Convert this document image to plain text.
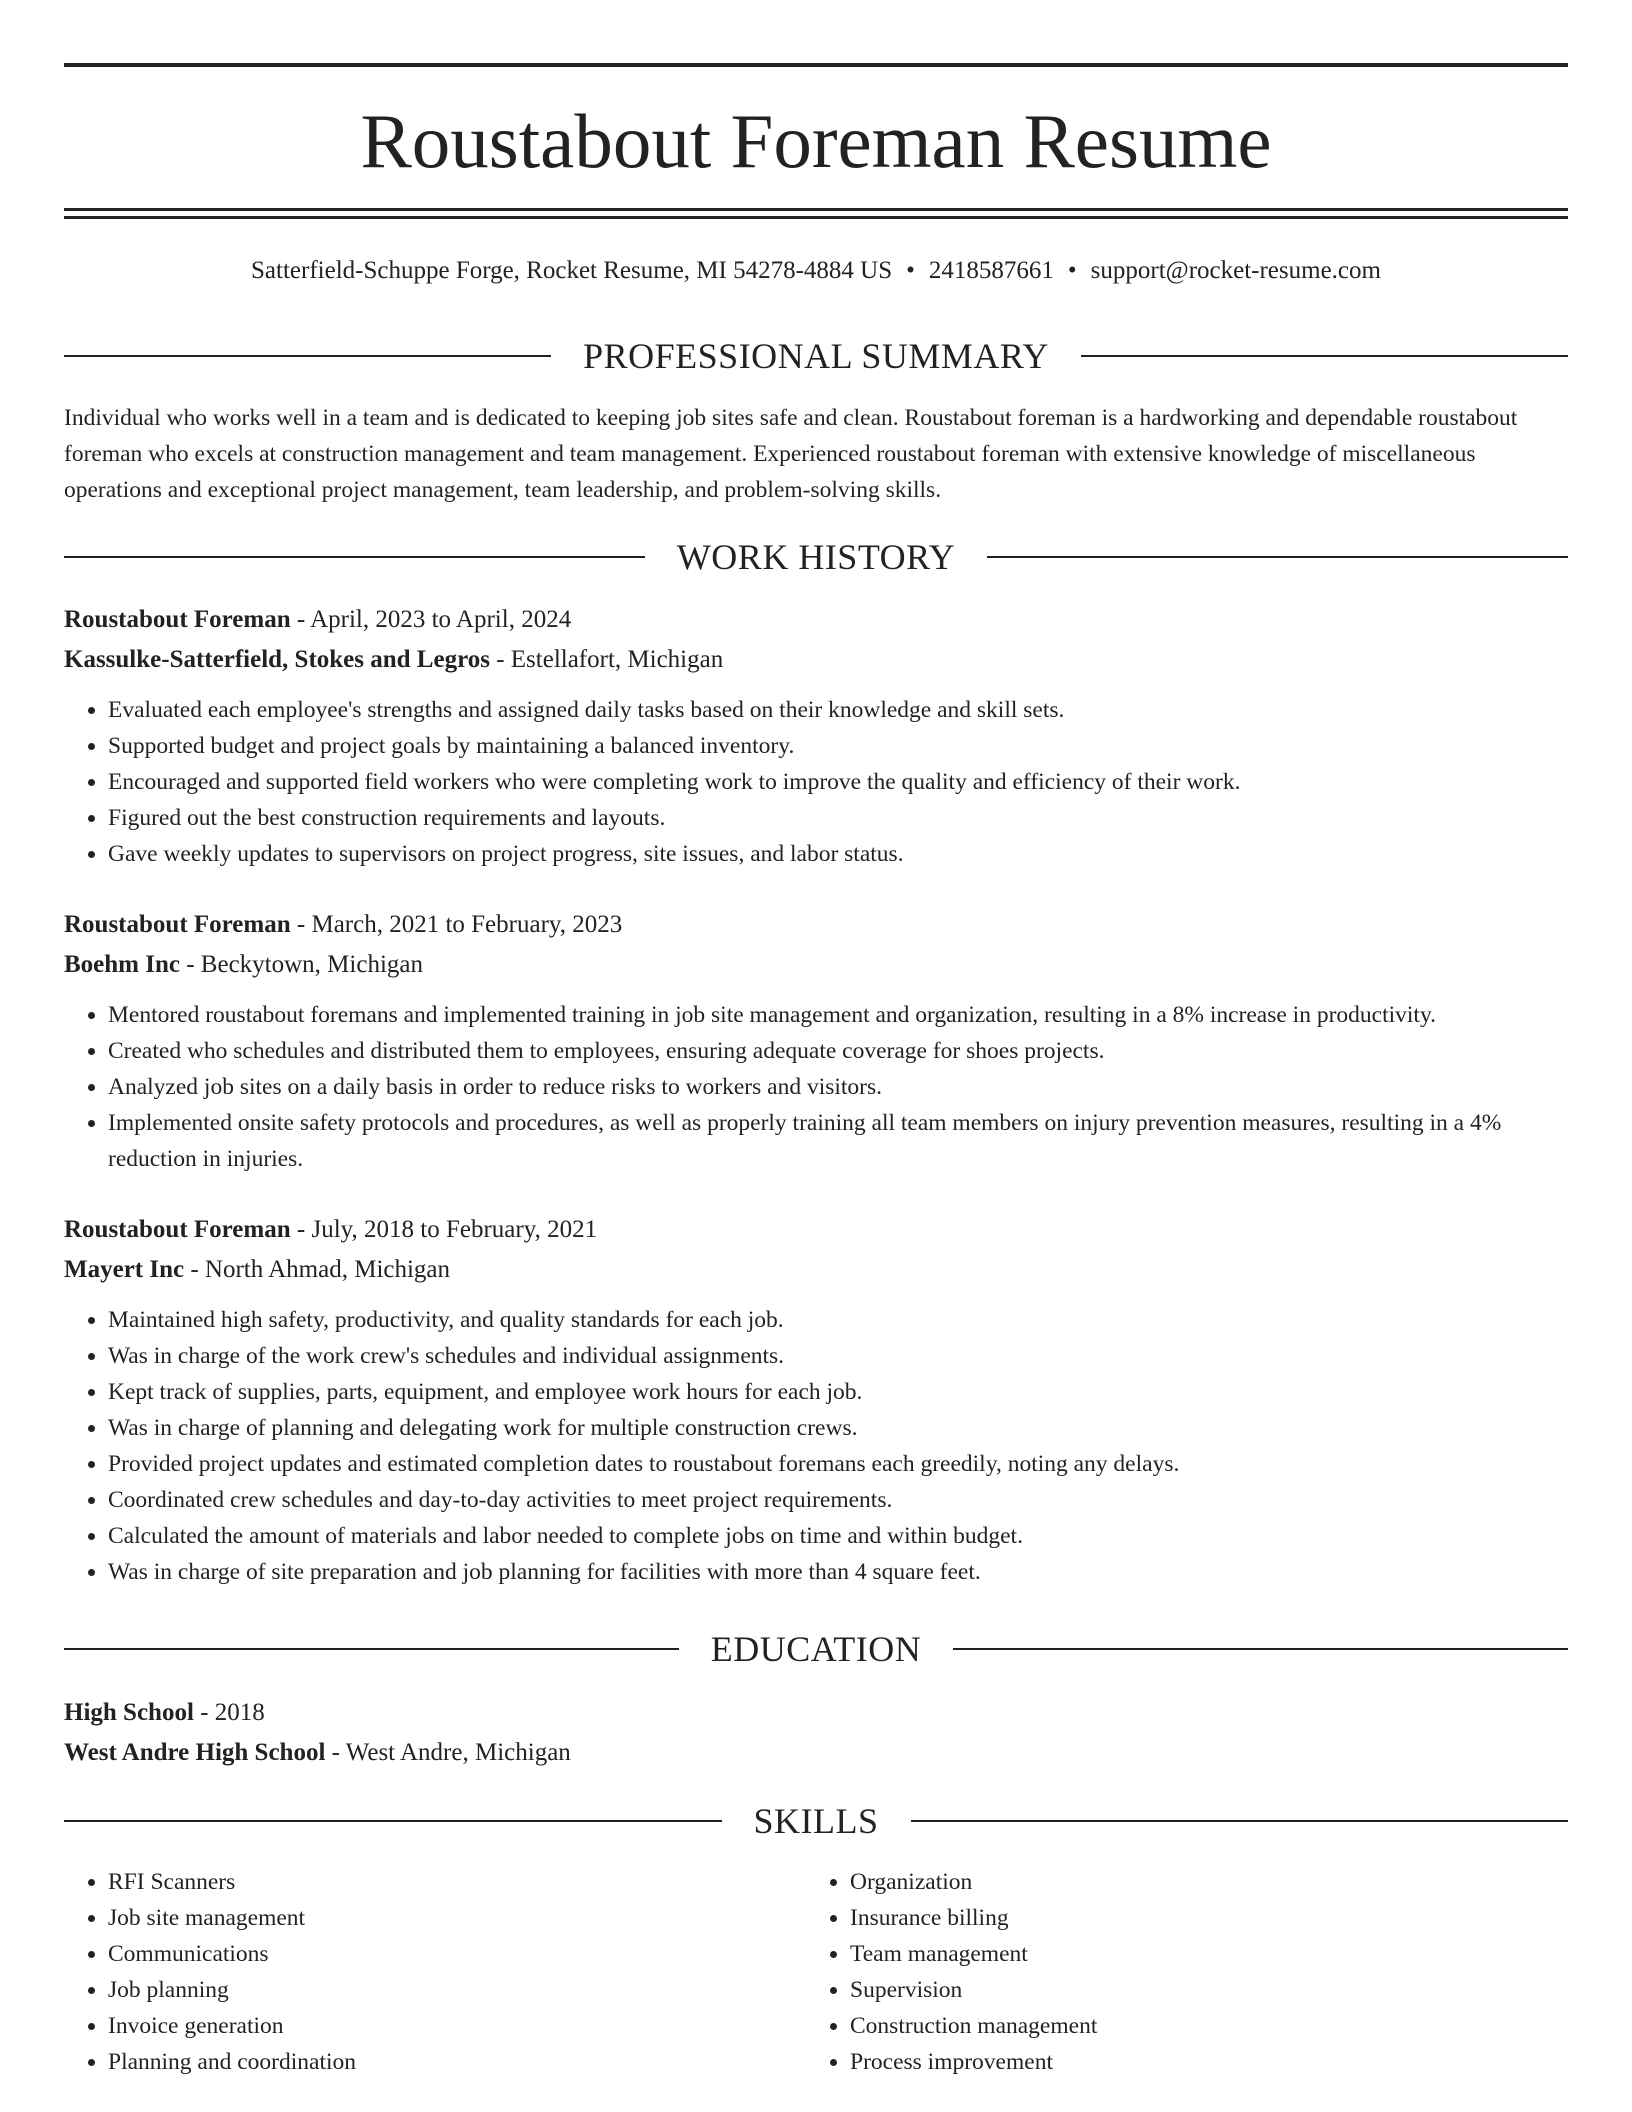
Roustabout Foreman Resume
Satterfield-Schuppe Forge, Rocket Resume, MI 54278-4884 US • 2418587661 • support@rocket-resume.com
PROFESSIONAL SUMMARY

Individual who works well in a team and is dedicated to keeping job sites safe and clean. Roustabout foreman is a hardworking and dependable roustabout foreman who excels at construction management and team management. Experienced roustabout foreman with extensive knowledge of miscellaneous operations and exceptional project management, team leadership, and problem-solving skills.

WORK HISTORY
Roustabout Foreman - April, 2023 to April, 2024
Kassulke-Satterfield, Stokes and Legros - Estellafort, Michigan
• Evaluated each employee's strengths and assigned daily tasks based on their knowledge and skill sets.
• Supported budget and project goals by maintaining a balanced inventory.
• Encouraged and supported field workers who were completing work to improve the quality and efficiency of their work.
• Figured out the best construction requirements and layouts.
• Gave weekly updates to supervisors on project progress, site issues, and labor status.
Roustabout Foreman - March, 2021 to February, 2023
Boehm Inc - Beckytown, Michigan
• Mentored roustabout foremans and implemented training in job site management and organization, resulting in a 8% increase in productivity.
• Created who schedules and distributed them to employees, ensuring adequate coverage for shoes projects.
• Analyzed job sites on a daily basis in order to reduce risks to workers and visitors.
• Implemented onsite safety protocols and procedures, as well as properly training all team members on injury prevention measures, resulting in a 4% reduction in injuries.
Roustabout Foreman - July, 2018 to February, 2021
Mayert Inc - North Ahmad, Michigan
• Maintained high safety, productivity, and quality standards for each job.
• Was in charge of the work crew's schedules and individual assignments.
• Kept track of supplies, parts, equipment, and employee work hours for each job.
• Was in charge of planning and delegating work for multiple construction crews.
• Provided project updates and estimated completion dates to roustabout foremans each greedily, noting any delays.
• Coordinated crew schedules and day-to-day activities to meet project requirements.
• Calculated the amount of materials and labor needed to complete jobs on time and within budget.
• Was in charge of site preparation and job planning for facilities with more than 4 square feet.
EDUCATION
High School - 2018
West Andre High School - West Andre, Michigan
SKILLS
• RFI Scanners
• Job site management
• Communications
• Job planning
• Invoice generation
• Planning and coordination
• Organization
• Insurance billing
• Team management
• Supervision
• Construction management
• Process improvement
